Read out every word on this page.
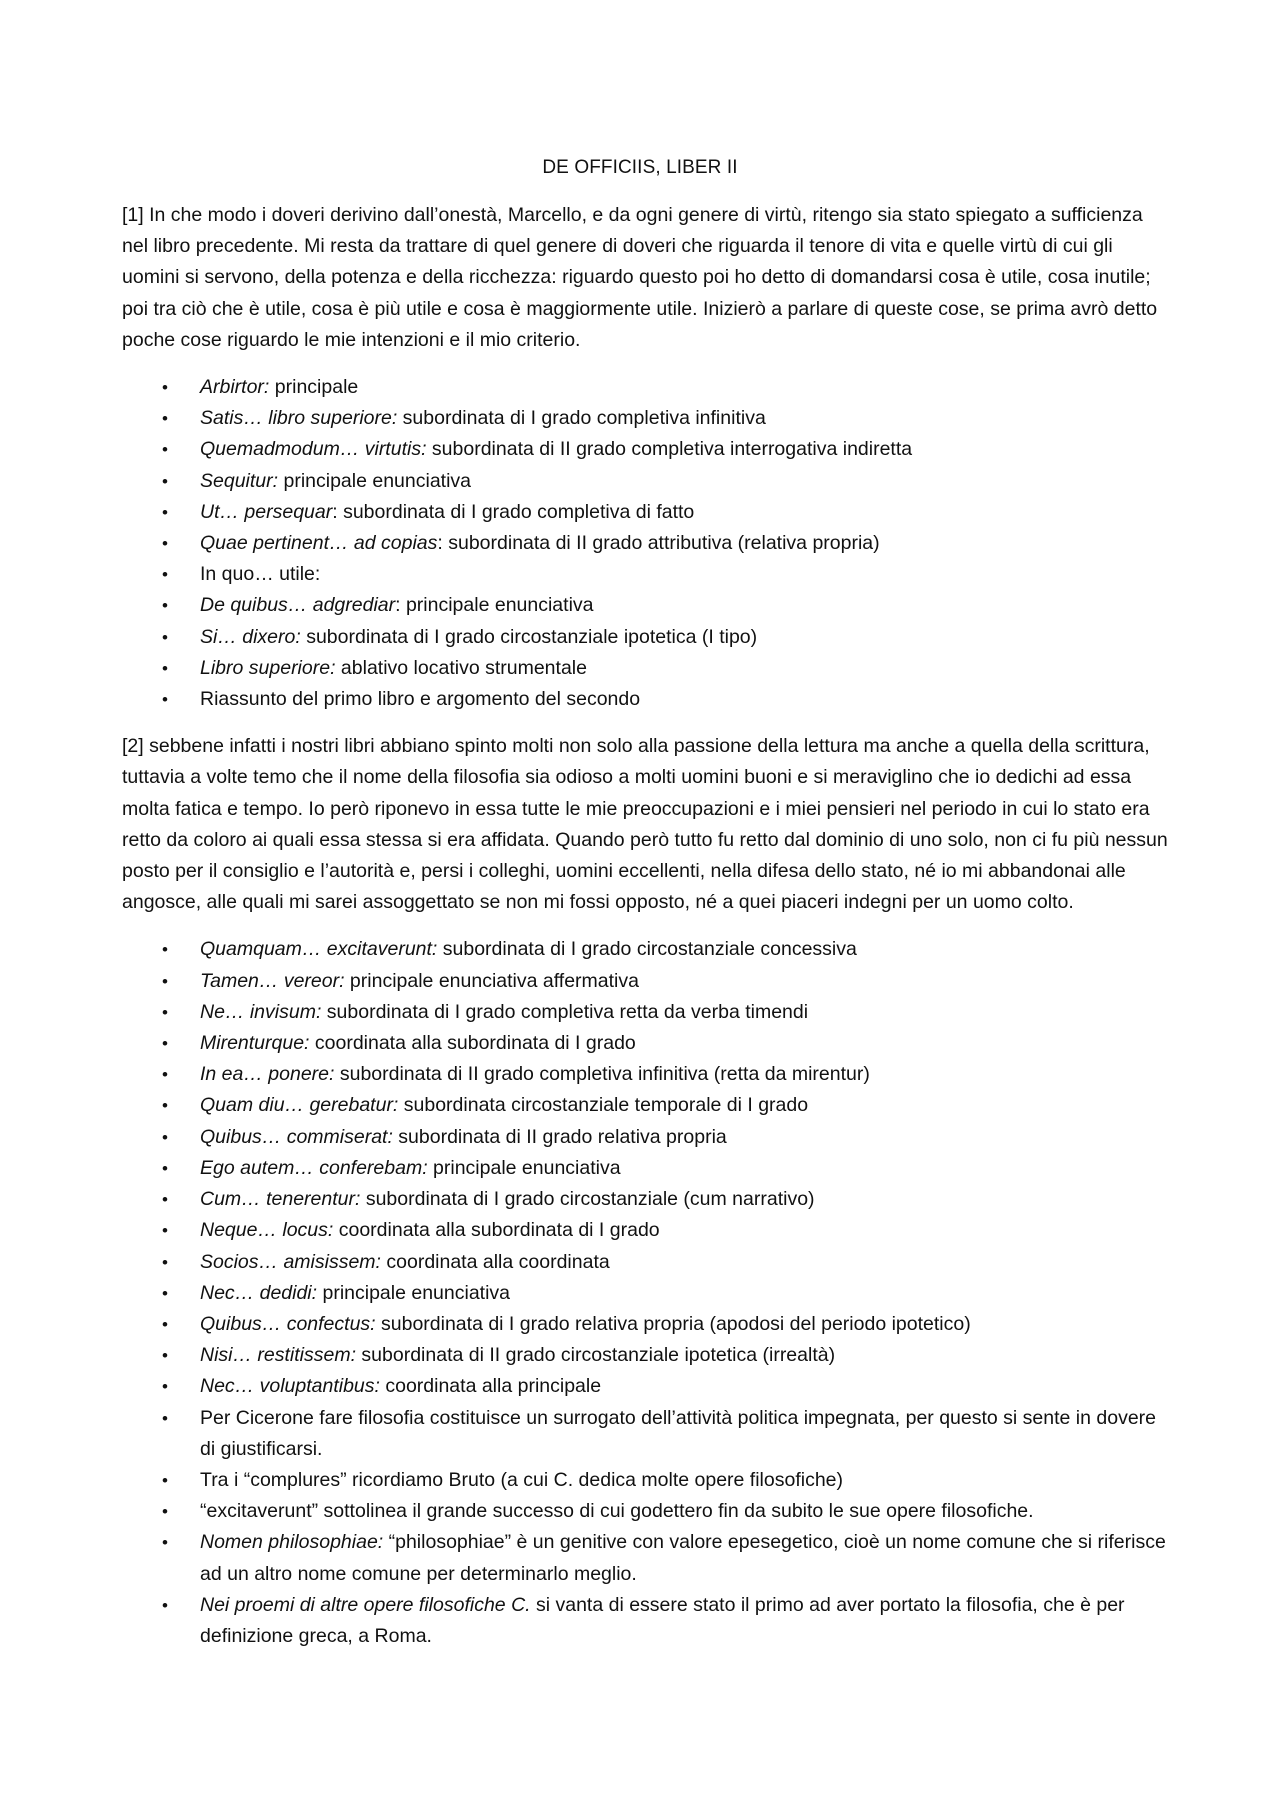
DE OFFICIIS, LIBER II

[1] In che modo i doveri derivino dall’onestà, Marcello, e da ogni genere di virtù, ritengo sia stato spiegato a sufficienza nel libro precedente. Mi resta da trattare di quel genere di doveri che riguarda il tenore di vita e quelle virtù di cui gli uomini si servono, della potenza e della ricchezza: riguardo questo poi ho detto di domandarsi cosa è utile, cosa inutile; poi tra ciò che è utile, cosa è più utile e cosa è maggiormente utile. Inizierò a parlare di queste cose, se prima avrò detto poche cose riguardo le mie intenzioni e il mio criterio.

• Arbirtor: principale
• Satis… libro superiore: subordinata di I grado completiva infinitiva
• Quemadmodum… virtutis: subordinata di II grado completiva interrogativa indiretta
• Sequitur: principale enunciativa
• Ut… persequar: subordinata di I grado completiva di fatto
• Quae pertinent… ad copias: subordinata di II grado attributiva (relativa propria)
• In quo… utile:
• De quibus… adgrediar: principale enunciativa
• Si… dixero: subordinata di I grado circostanziale ipotetica (I tipo)
• Libro superiore: ablativo locativo strumentale
• Riassunto del primo libro e argomento del secondo

[2] sebbene infatti i nostri libri abbiano spinto molti non solo alla passione della lettura ma anche a quella della scrittura, tuttavia a volte temo che il nome della filosofia sia odioso a molti uomini buoni e si meraviglino che io dedichi ad essa molta fatica e tempo. Io però riponevo in essa tutte le mie preoccupazioni e i miei pensieri nel periodo in cui lo stato era retto da coloro ai quali essa stessa si era affidata. Quando però tutto fu retto dal dominio di uno solo, non ci fu più nessun posto per il consiglio e l’autorità e, persi i colleghi, uomini eccellenti, nella difesa dello stato, né io mi abbandonai alle angosce, alle quali mi sarei assoggettato se non mi fossi opposto, né a quei piaceri indegni per un uomo colto.

• Quamquam… excitaverunt: subordinata di I grado circostanziale concessiva
• Tamen… vereor: principale enunciativa affermativa
• Ne… invisum: subordinata di I grado completiva retta da verba timendi
• Mirenturque: coordinata alla subordinata di I grado
• In ea… ponere: subordinata di II grado completiva infinitiva (retta da mirentur)
• Quam diu… gerebatur: subordinata circostanziale temporale di I grado
• Quibus… commiserat: subordinata di II grado relativa propria
• Ego autem… conferebam: principale enunciativa
• Cum… tenerentur: subordinata di I grado circostanziale (cum narrativo)
• Neque… locus: coordinata alla subordinata di I grado
• Socios… amisissem: coordinata alla coordinata
• Nec… dedidi: principale enunciativa
• Quibus… confectus: subordinata di I grado relativa propria (apodosi del periodo ipotetico)
• Nisi… restitissem: subordinata di II grado circostanziale ipotetica (irrealtà)
• Nec… voluptantibus: coordinata alla principale
• Per Cicerone fare filosofia costituisce un surrogato dell’attività politica impegnata, per questo si sente in dovere di giustificarsi.
• Tra i “complures” ricordiamo Bruto (a cui C. dedica molte opere filosofiche)
• “excitaverunt” sottolinea il grande successo di cui godettero fin da subito le sue opere filosofiche.
• Nomen philosophiae: “philosophiae” è un genitive con valore epesegetico, cioè un nome comune che si riferisce ad un altro nome comune per determinarlo meglio.
• Nei proemi di altre opere filosofiche C. si vanta di essere stato il primo ad aver portato la filosofia, che è per definizione greca, a Roma.
